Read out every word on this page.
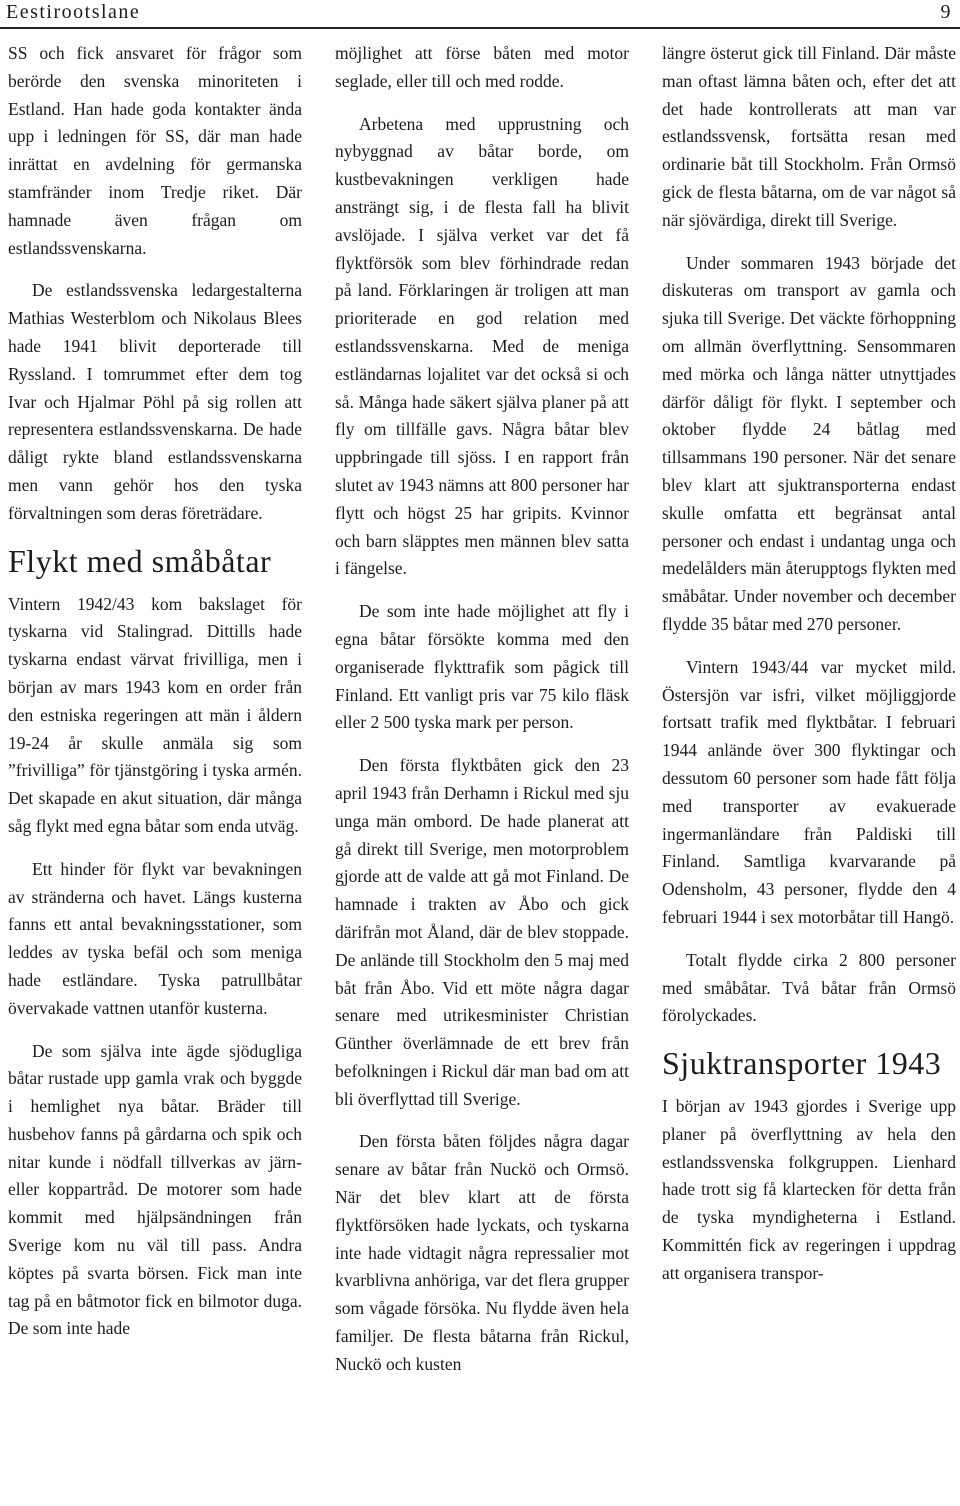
Eestirootslane	9

SS och fick ansvaret för frågor som berörde den svenska minoriteten i Estland. Han hade goda kontakter ända upp i ledningen för SS, där man hade inrättat en avdelning för germanska stamfränder inom Tredje riket. Där hamnade även frågan om estlandssvenskarna.

De estlandssvenska ledargestalterna Mathias Westerblom och Nikolaus Blees hade 1941 blivit deporterade till Ryssland. I tomrummet efter dem tog Ivar och Hjalmar Pöhl på sig rollen att representera estlandssvenskarna. De hade dåligt rykte bland estlandssvenskarna men vann gehör hos den tyska förvaltningen som deras företrädare.

Flykt med småbåtar

Vintern 1942/43 kom bakslaget för tyskarna vid Stalingrad. Dittills hade tyskarna endast värvat frivilliga, men i början av mars 1943 kom en order från den estniska regeringen att män i åldern 19-24 år skulle anmäla sig som ”frivilliga” för tjänstgöring i tyska armén. Det skapade en akut situation, där många såg flykt med egna båtar som enda utväg.

Ett hinder för flykt var bevakningen av stränderna och havet. Längs kusterna fanns ett antal bevakningsstationer, som leddes av tyska befäl och som meniga hade estländare. Tyska patrullbåtar övervakade vattnen utanför kusterna.

De som själva inte ägde sjödugliga båtar rustade upp gamla vrak och byggde i hemlighet nya båtar. Bräder till husbehov fanns på gårdarna och spik och nitar kunde i nödfall tillverkas av järn- eller koppartråd. De motorer som hade kommit med hjälpsändningen från Sverige kom nu väl till pass. Andra köptes på svarta börsen. Fick man inte tag på en båtmotor fick en bilmotor duga. De som inte hade

möjlighet att förse båten med motor seglade, eller till och med rodde.

Arbetena med upprustning och nybyggnad av båtar borde, om kustbevakningen verkligen hade ansträngt sig, i de flesta fall ha blivit avslöjade. I själva verket var det få flyktförsök som blev förhindrade redan på land. Förklaringen är troligen att man prioriterade en god relation med estlandssvenskarna. Med de meniga estländarnas lojalitet var det också si och så. Många hade säkert själva planer på att fly om tillfälle gavs. Några båtar blev uppbringade till sjöss. I en rapport från slutet av 1943 nämns att 800 personer har flytt och högst 25 har gripits. Kvinnor och barn släpptes men männen blev satta i fängelse.

De som inte hade möjlighet att fly i egna båtar försökte komma med den organiserade flykttrafik som pågick till Finland. Ett vanligt pris var 75 kilo fläsk eller 2 500 tyska mark per person.

Den första flyktbåten gick den 23 april 1943 från Derhamn i Rickul med sju unga män ombord. De hade planerat att gå direkt till Sverige, men motorproblem gjorde att de valde att gå mot Finland. De hamnade i trakten av Åbo och gick därifrån mot Åland, där de blev stoppade. De anlände till Stockholm den 5 maj med båt från Åbo. Vid ett möte några dagar senare med utrikesminister Christian Günther överlämnade de ett brev från befolkningen i Rickul där man bad om att bli överflyttad till Sverige.

Den första båten följdes några dagar senare av båtar från Nuckö och Ormsö. När det blev klart att de första flyktförsöken hade lyckats, och tyskarna inte hade vidtagit några repressalier mot kvarblivna anhöriga, var det flera grupper som vågade försöka. Nu flydde även hela familjer. De flesta båtarna från Rickul, Nuckö och kusten

längre österut gick till Finland. Där måste man oftast lämna båten och, efter det att det hade kontrollerats att man var estlandssvensk, fortsätta resan med ordinarie båt till Stockholm. Från Ormsö gick de flesta båtarna, om de var något så när sjövärdiga, direkt till Sverige.

Under sommaren 1943 började det diskuteras om transport av gamla och sjuka till Sverige. Det väckte förhoppning om allmän överflyttning. Sensommaren med mörka och långa nätter utnyttjades därför dåligt för flykt. I september och oktober flydde 24 båtlag med tillsammans 190 personer. När det senare blev klart att sjuktransporterna endast skulle omfatta ett begränsat antal personer och endast i undantag unga och medelålders män återupptogs flykten med småbåtar. Under november och december flydde 35 båtar med 270 personer.

Vintern 1943/44 var mycket mild. Östersjön var isfri, vilket möjliggjorde fortsatt trafik med flyktbåtar. I februari 1944 anlände över 300 flyktingar och dessutom 60 personer som hade fått följa med transporter av evakuerade ingermanländare från Paldiski till Finland. Samtliga kvarvarande på Odensholm, 43 personer, flydde den 4 februari 1944 i sex motorbåtar till Hangö.

Totalt flydde cirka 2 800 personer med småbåtar. Två båtar från Ormsö förolyckades.

Sjuktransporter 1943

I början av 1943 gjordes i Sverige upp planer på överflyttning av hela den estlandssvenska folkgruppen. Lienhard hade trott sig få klartecken för detta från de tyska myndigheterna i Estland. Kommittén fick av regeringen i uppdrag att organisera transpor-
